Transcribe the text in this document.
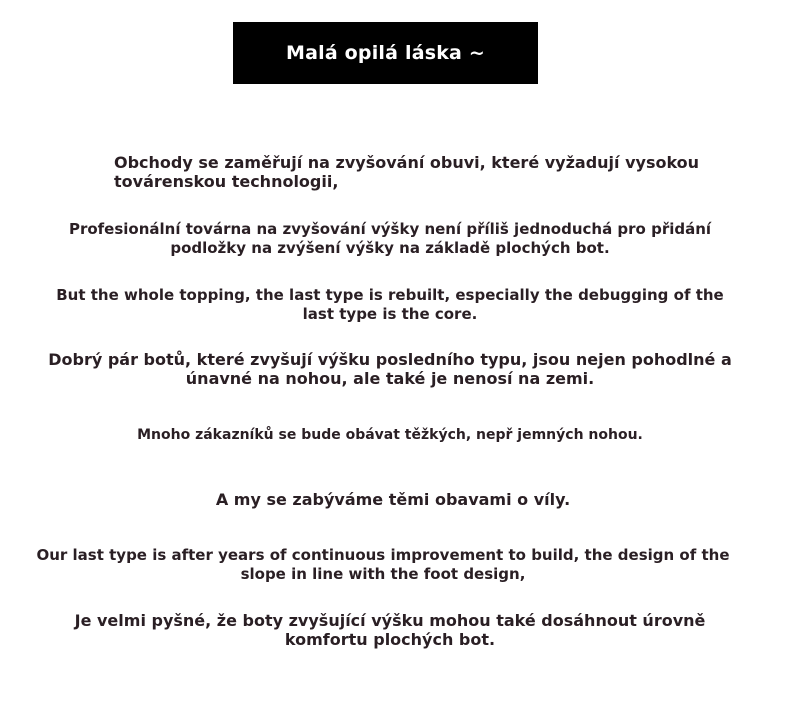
Malá opilá láska ~
Obchody se zaměřují na zvyšování obuvi, které vyžadují vysokou
továrenskou technologii,
Profesionální továrna na zvyšování výšky není příliš jednoduchá pro přidání
podložky na zvýšení výšky na základě plochých bot.
But the whole topping, the last type is rebuilt, especially the debugging of the
last type is the core.
Dobrý pár botů, které zvyšují výšku posledního typu, jsou nejen pohodlné a
únavné na nohou, ale také je nenosí na zemi.
Mnoho zákazníků se bude obávat těžkých, nepř jemných nohou.
A my se zabýváme těmi obavami o víly.
Our last type is after years of continuous improvement to build, the design of the
slope in line with the foot design,
Je velmi pyšné, že boty zvyšující výšku mohou také dosáhnout úrovně
komfortu plochých bot.
